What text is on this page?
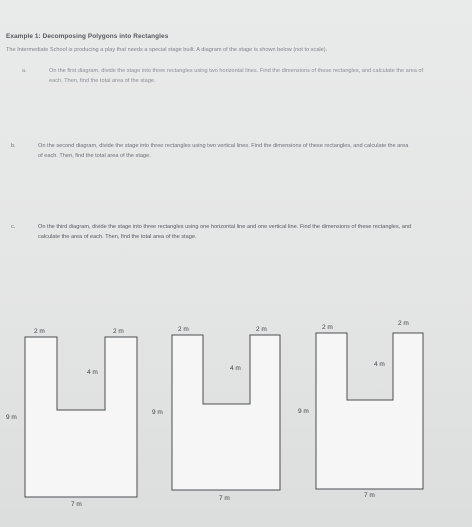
Example 1: Decomposing Polygons into Rectangles
The Intermediate School is producing a play that needs a special stage built. A diagram of the stage is shown below (not to scale).
a.	On the first diagram, divide the stage into three rectangles using two horizontal lines. Find the dimensions of these rectangles, and calculate the area of each. Then, find the total area of the stage.
b.	On the second diagram, divide the stage into three rectangles using two vertical lines. Find the dimensions of these rectangles, and calculate the area of each. Then, find the total area of the stage.
c.	On the third diagram, divide the stage into three rectangles using one horizontal line and one vertical line. Find the dimensions of these rectangles, and calculate the area of each. Then, find the total area of the stage.
2 m	2 m
4 m
9 m
7 m
2 m	2 m
4 m
9 m
7 m
2 m
2 m
4 m
9 m
7 m
